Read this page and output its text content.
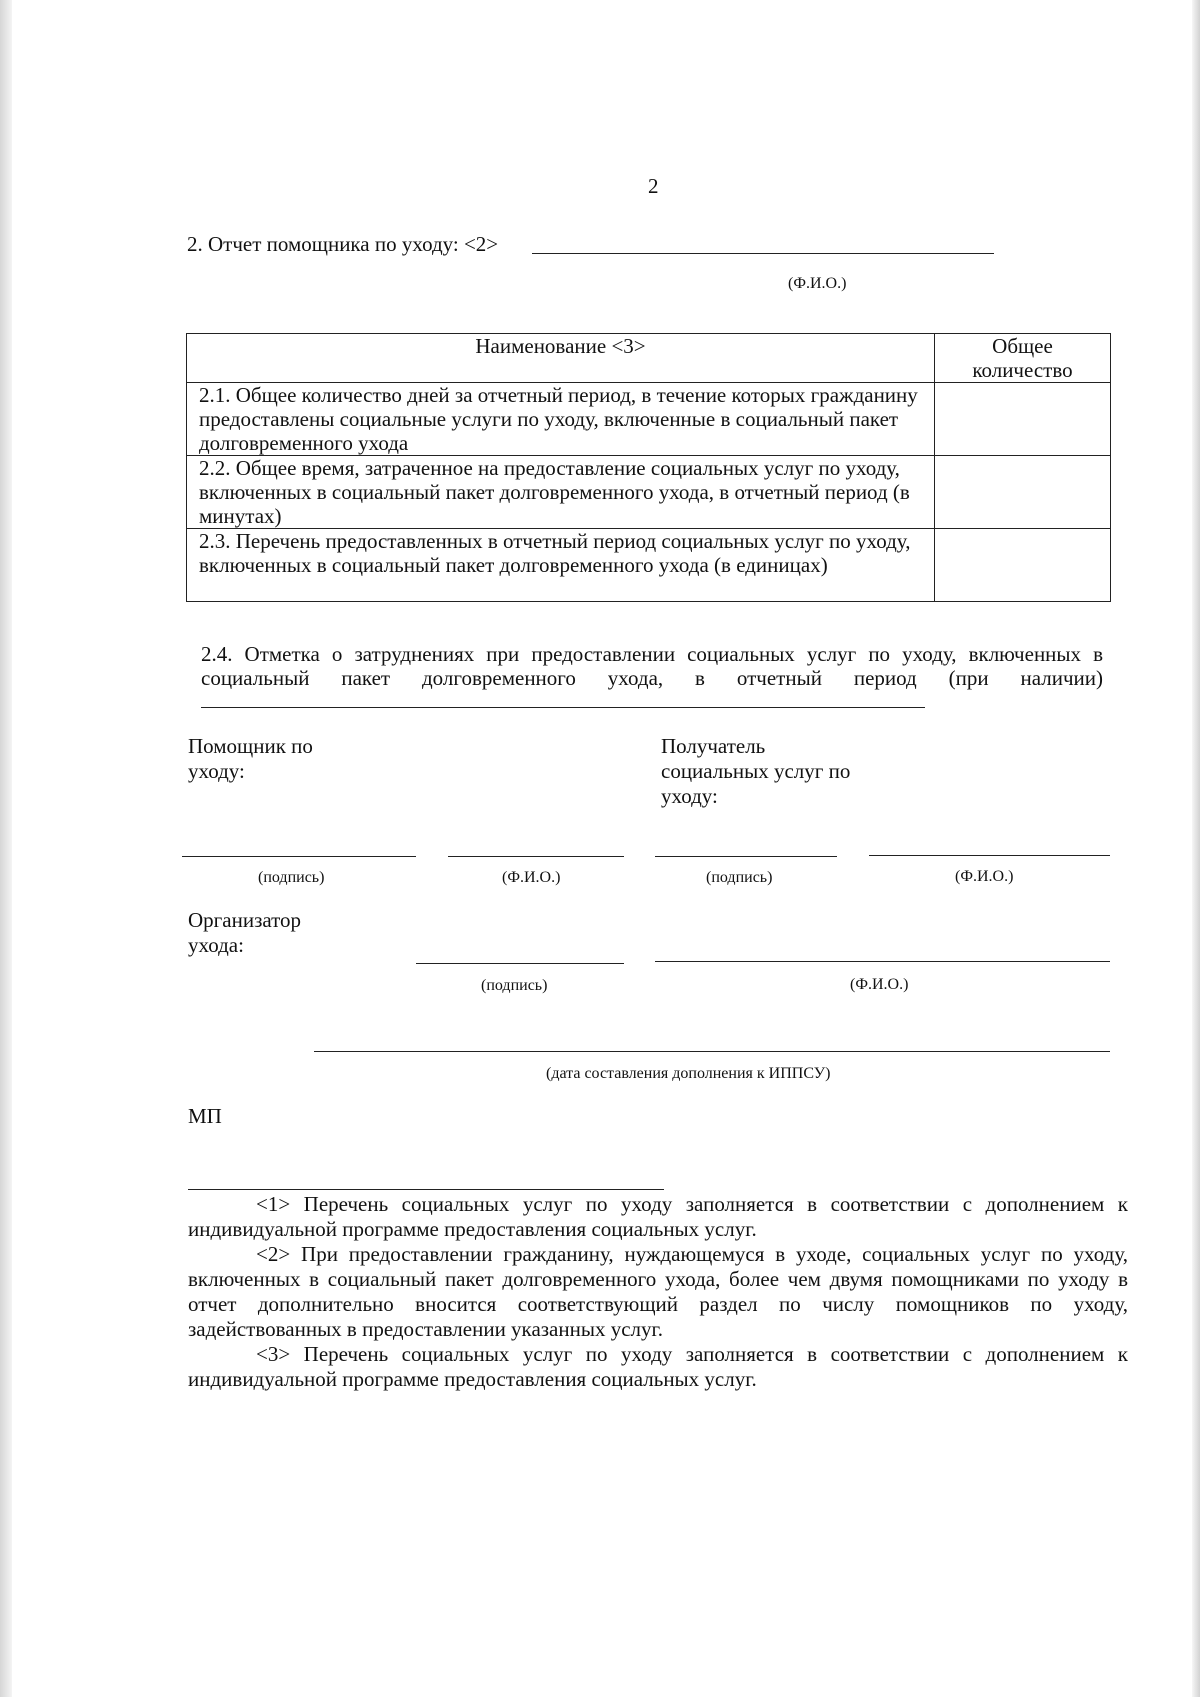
2
2. Отчет помощника по уходу: <2>
(Ф.И.О.)
Наименование <3>	Общее количество
2.1. Общее количество дней за отчетный период, в течение которых гражданину предоставлены социальные услуги по уходу, включенные в социальный пакет долговременного ухода	
2.2. Общее время, затраченное на предоставление социальных услуг по уходу, включенных в социальный пакет долговременного ухода, в отчетный период (в минутах)	
2.3. Перечень предоставленных в отчетный период социальных услуг по уходу, включенных в социальный пакет долговременного ухода (в единицах)	
2.4. Отметка о затруднениях при предоставлении социальных услуг по уходу, включенных в
социальный пакет долговременного ухода, в отчетный период (при наличии)
Помощник по уходу:
Получатель социальных услуг по уходу:
(подпись)	(Ф.И.О.)	(подпись)	(Ф.И.О.)
Организатор ухода:
(подпись)	(Ф.И.О.)
(дата составления дополнения к ИППСУ)
МП

<1> Перечень социальных услуг по уходу заполняется в соответствии с дополнением к индивидуальной программе предоставления социальных услуг.

<2> При предоставлении гражданину, нуждающемуся в уходе, социальных услуг по уходу, включенных в социальный пакет долговременного ухода, более чем двумя помощниками по уходу в отчет дополнительно вносится соответствующий раздел по числу помощников по уходу, задействованных в предоставлении указанных услуг.

<3> Перечень социальных услуг по уходу заполняется в соответствии с дополнением к индивидуальной программе предоставления социальных услуг.
